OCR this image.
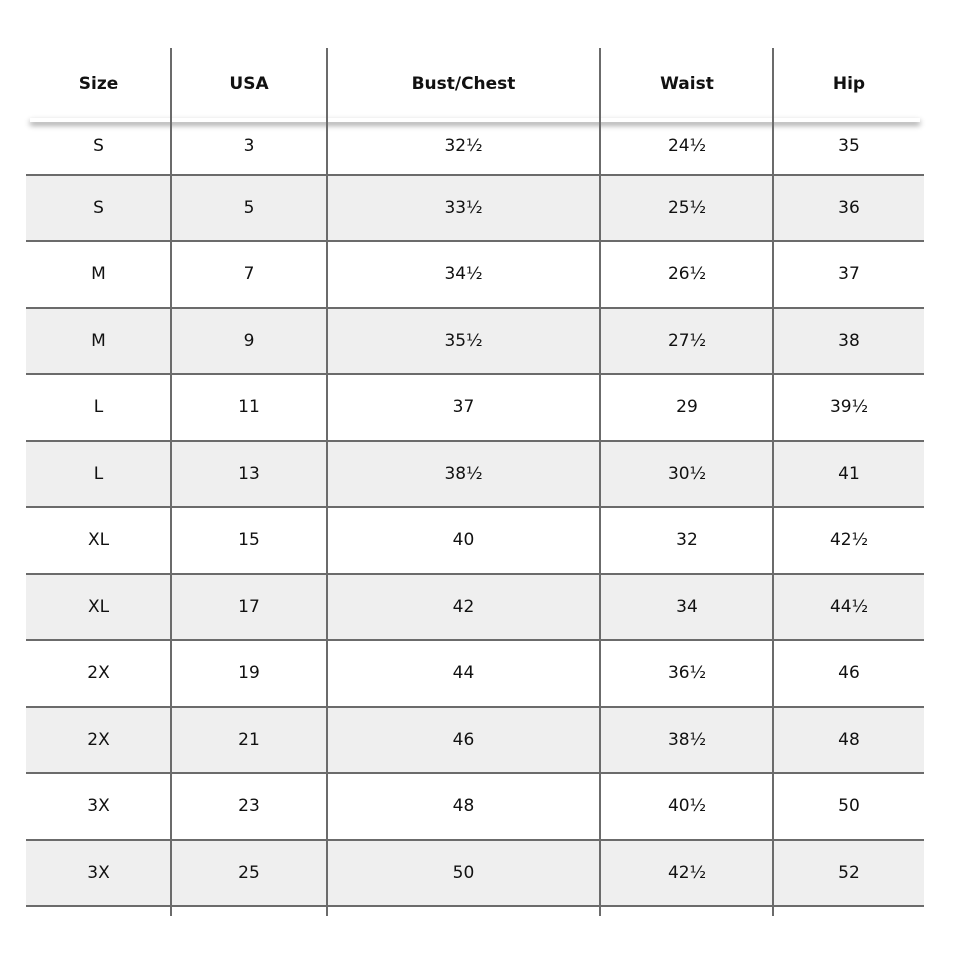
Size	USA	Bust/Chest	Waist	Hip
S	3	32½	24½	35
S	5	33½	25½	36
M	7	34½	26½	37
M	9	35½	27½	38
L	11	37	29	39½
L	13	38½	30½	41
XL	15	40	32	42½
XL	17	42	34	44½
2X	19	44	36½	46
2X	21	46	38½	48
3X	23	48	40½	50
3X	25	50	42½	52
